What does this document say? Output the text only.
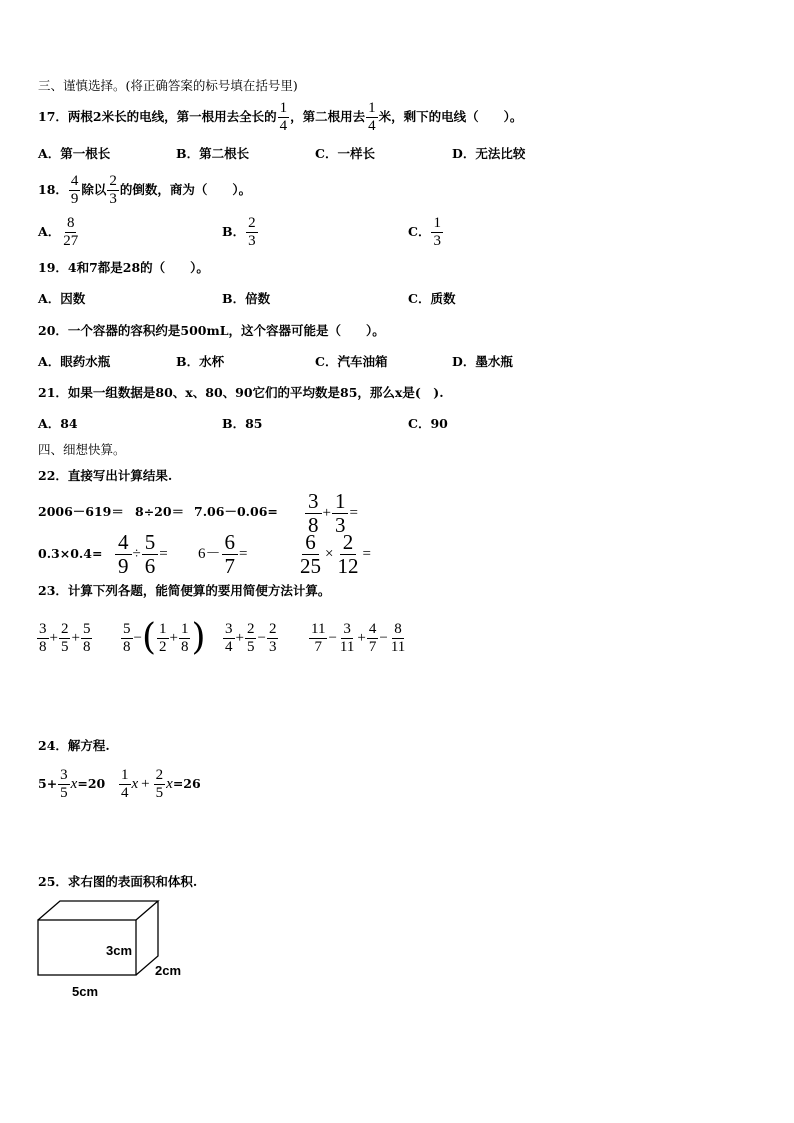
三、谨慎选择。(将正确答案的标号填在括号里)
17．两根2米长的电线，第一根用去全长的 $\frac{1}{4}$ ，第二根用去 $\frac{1}{4}$ 米，剩下的电线（　　）。
A．第一根长	B．第二根长	C．一样长	D．无法比较
18． $\frac{4}{9}$ 除以 $\frac{2}{3}$ 的倒数，商为（　　）。
A． $\frac{8}{27}$	B． $\frac{2}{3}$	C． $\frac{1}{3}$
19．4和7都是28的（　　）。
A．因数	B．倍数	C．质数
20．一个容器的容积约是500mL，这个容器可能是（　　）。
A．眼药水瓶	B．水杯	C．汽车油箱	D．墨水瓶
21．如果一组数据是80、x、80、90它们的平均数是85，那么x是(　).
A．84	B．85	C．90
四、细想快算。
22．直接写出计算结果.
$2006-619= 8\div 20= 7.06-0.06= \frac{3}{8} + \frac{1}{3}$ =
$0.3\times 0.4= \frac{4}{9} \div \frac{5}{6} = 6- \frac{6}{7} = \frac{6}{25} \times \frac{2}{12}$ =
23．计算下列各题，能简便算的要用简便方法计算。
$\frac{3}{8} + \frac{2}{5} + \frac{5}{8} \frac{5}{8}$ − ( $\frac{1}{2} + \frac{1}{8}$ ) $\frac{3}{4} + \frac{2}{5} - \frac{2}{3} \frac{11}{7} - \frac{3}{11} + \frac{4}{7} - \frac{8}{11}$
24．解方程.
$5+ \frac{3}{5}$ $x =20 \frac{1}{4}$ $x + \frac{2}{5}$ x =26
25．求右图的表面积和体积.
3cm
2cm
5cm
